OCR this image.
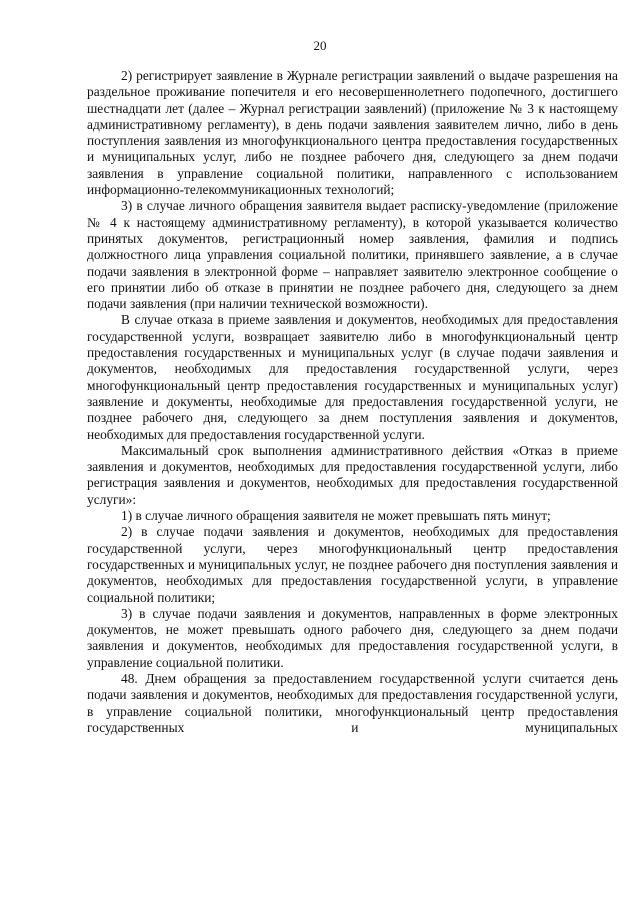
20

2) регистрирует заявление в Журнале регистрации заявлений о выдаче разрешения на раздельное проживание попечителя и его несовершеннолетнего подопечного, достигшего шестнадцати лет (далее – Журнал регистрации заявлений) (приложение № 3 к настоящему административному регламенту), в день подачи заявления заявителем лично, либо в день поступления заявления из многофункционального центра предоставления государственных и муниципальных услуг, либо не позднее рабочего дня, следующего за днем подачи заявления в управление социальной политики, направленного с использованием информационно-телекоммуникационных технологий;

3) в случае личного обращения заявителя выдает расписку-уведомление (приложение № 4 к настоящему административному регламенту), в которой указывается количество принятых документов, регистрационный номер заявления, фамилия и подпись должностного лица управления социальной политики, принявшего заявление, а в случае подачи заявления в электронной форме – направляет заявителю электронное сообщение о его принятии либо об отказе в принятии не позднее рабочего дня, следующего за днем подачи заявления (при наличии технической возможности).

В случае отказа в приеме заявления и документов, необходимых для предоставления государственной услуги, возвращает заявителю либо в многофункциональный центр предоставления государственных и муниципальных услуг (в случае подачи заявления и документов, необходимых для предоставления государственной услуги, через многофункциональный центр предоставления государственных и муниципальных услуг) заявление и документы, необходимые для предоставления государственной услуги, не позднее рабочего дня, следующего за днем поступления заявления и документов, необходимых для предоставления государственной услуги.

Максимальный срок выполнения административного действия «Отказ в приеме заявления и документов, необходимых для предоставления государственной услуги, либо регистрация заявления и документов, необходимых для предоставления государственной услуги»:

1) в случае личного обращения заявителя не может превышать пять минут;

2) в случае подачи заявления и документов, необходимых для предоставления государственной услуги, через многофункциональный центр предоставления государственных и муниципальных услуг, не позднее рабочего дня поступления заявления и документов, необходимых для предоставления государственной услуги, в управление социальной политики;

3) в случае подачи заявления и документов, направленных в форме электронных документов, не может превышать одного рабочего дня, следующего за днем подачи заявления и документов, необходимых для предоставления государственной услуги, в управление социальной политики.

48. Днем обращения за предоставлением государственной услуги считается день подачи заявления и документов, необходимых для предоставления государственной услуги, в управление социальной политики, многофункциональный центр предоставления государственных и муниципальных
